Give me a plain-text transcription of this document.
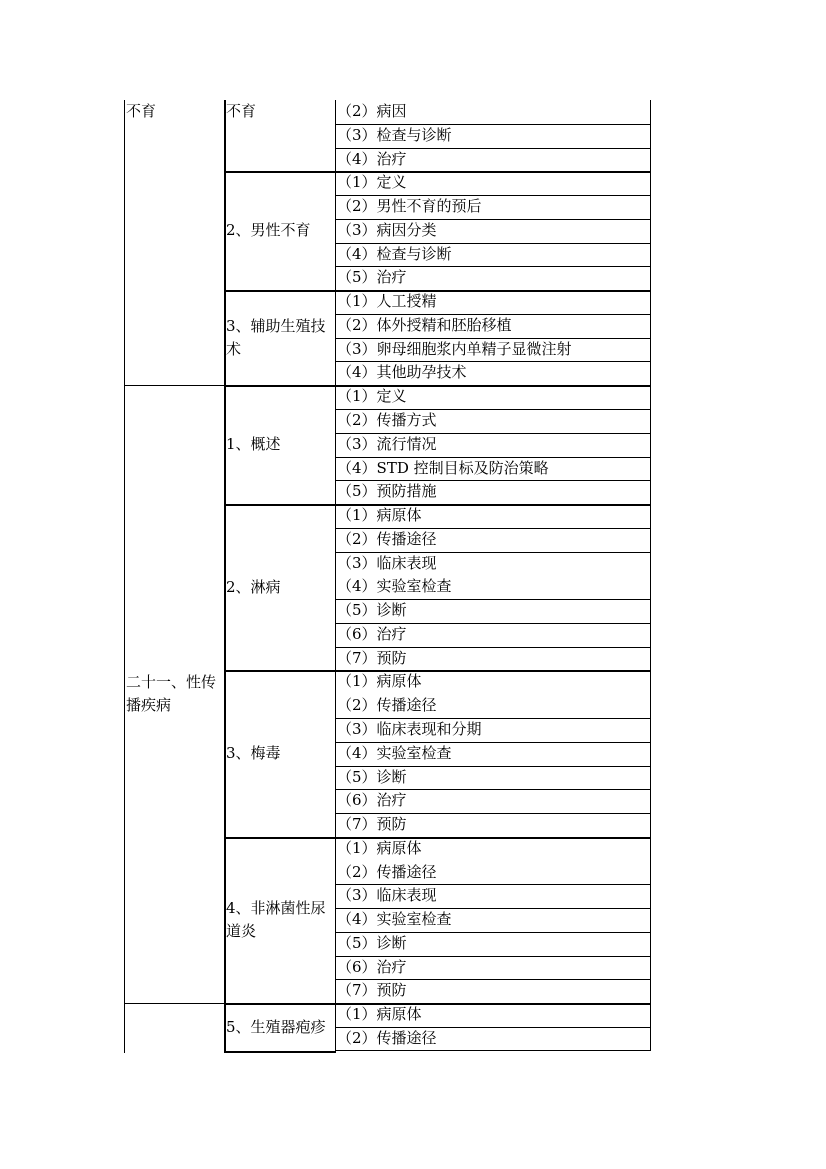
（2）病因
（3）检查与诊断
（4）治疗
不育
（1）定义
（2）男性不育的预后
（3）病因分类
（4）检查与诊断
（5）治疗
2、男性不育
（1）人工授精
（2）体外授精和胚胎移植
（3）卵母细胞浆内单精子显微注射
（4）其他助孕技术
3、辅助生殖技术
不育
（1）定义
（2）传播方式
（3）流行情况
（4）STD 控制目标及防治策略
（5）预防措施
1、概述
（1）病原体
（2）传播途径
（3）临床表现
（4）实验室检查
（5）诊断
（6）治疗
（7）预防
2、淋病
（1）病原体
（2）传播途径
（3）临床表现和分期
（4）实验室检查
（5）诊断
（6）治疗
（7）预防
3、梅毒
（1）病原体
（2）传播途径
（3）临床表现
（4）实验室检查
（5）诊断
（6）治疗
（7）预防
4、非淋菌性尿道炎
二十一、性传播疾病
（1）病原体
（2）传播途径
5、生殖器疱疹
